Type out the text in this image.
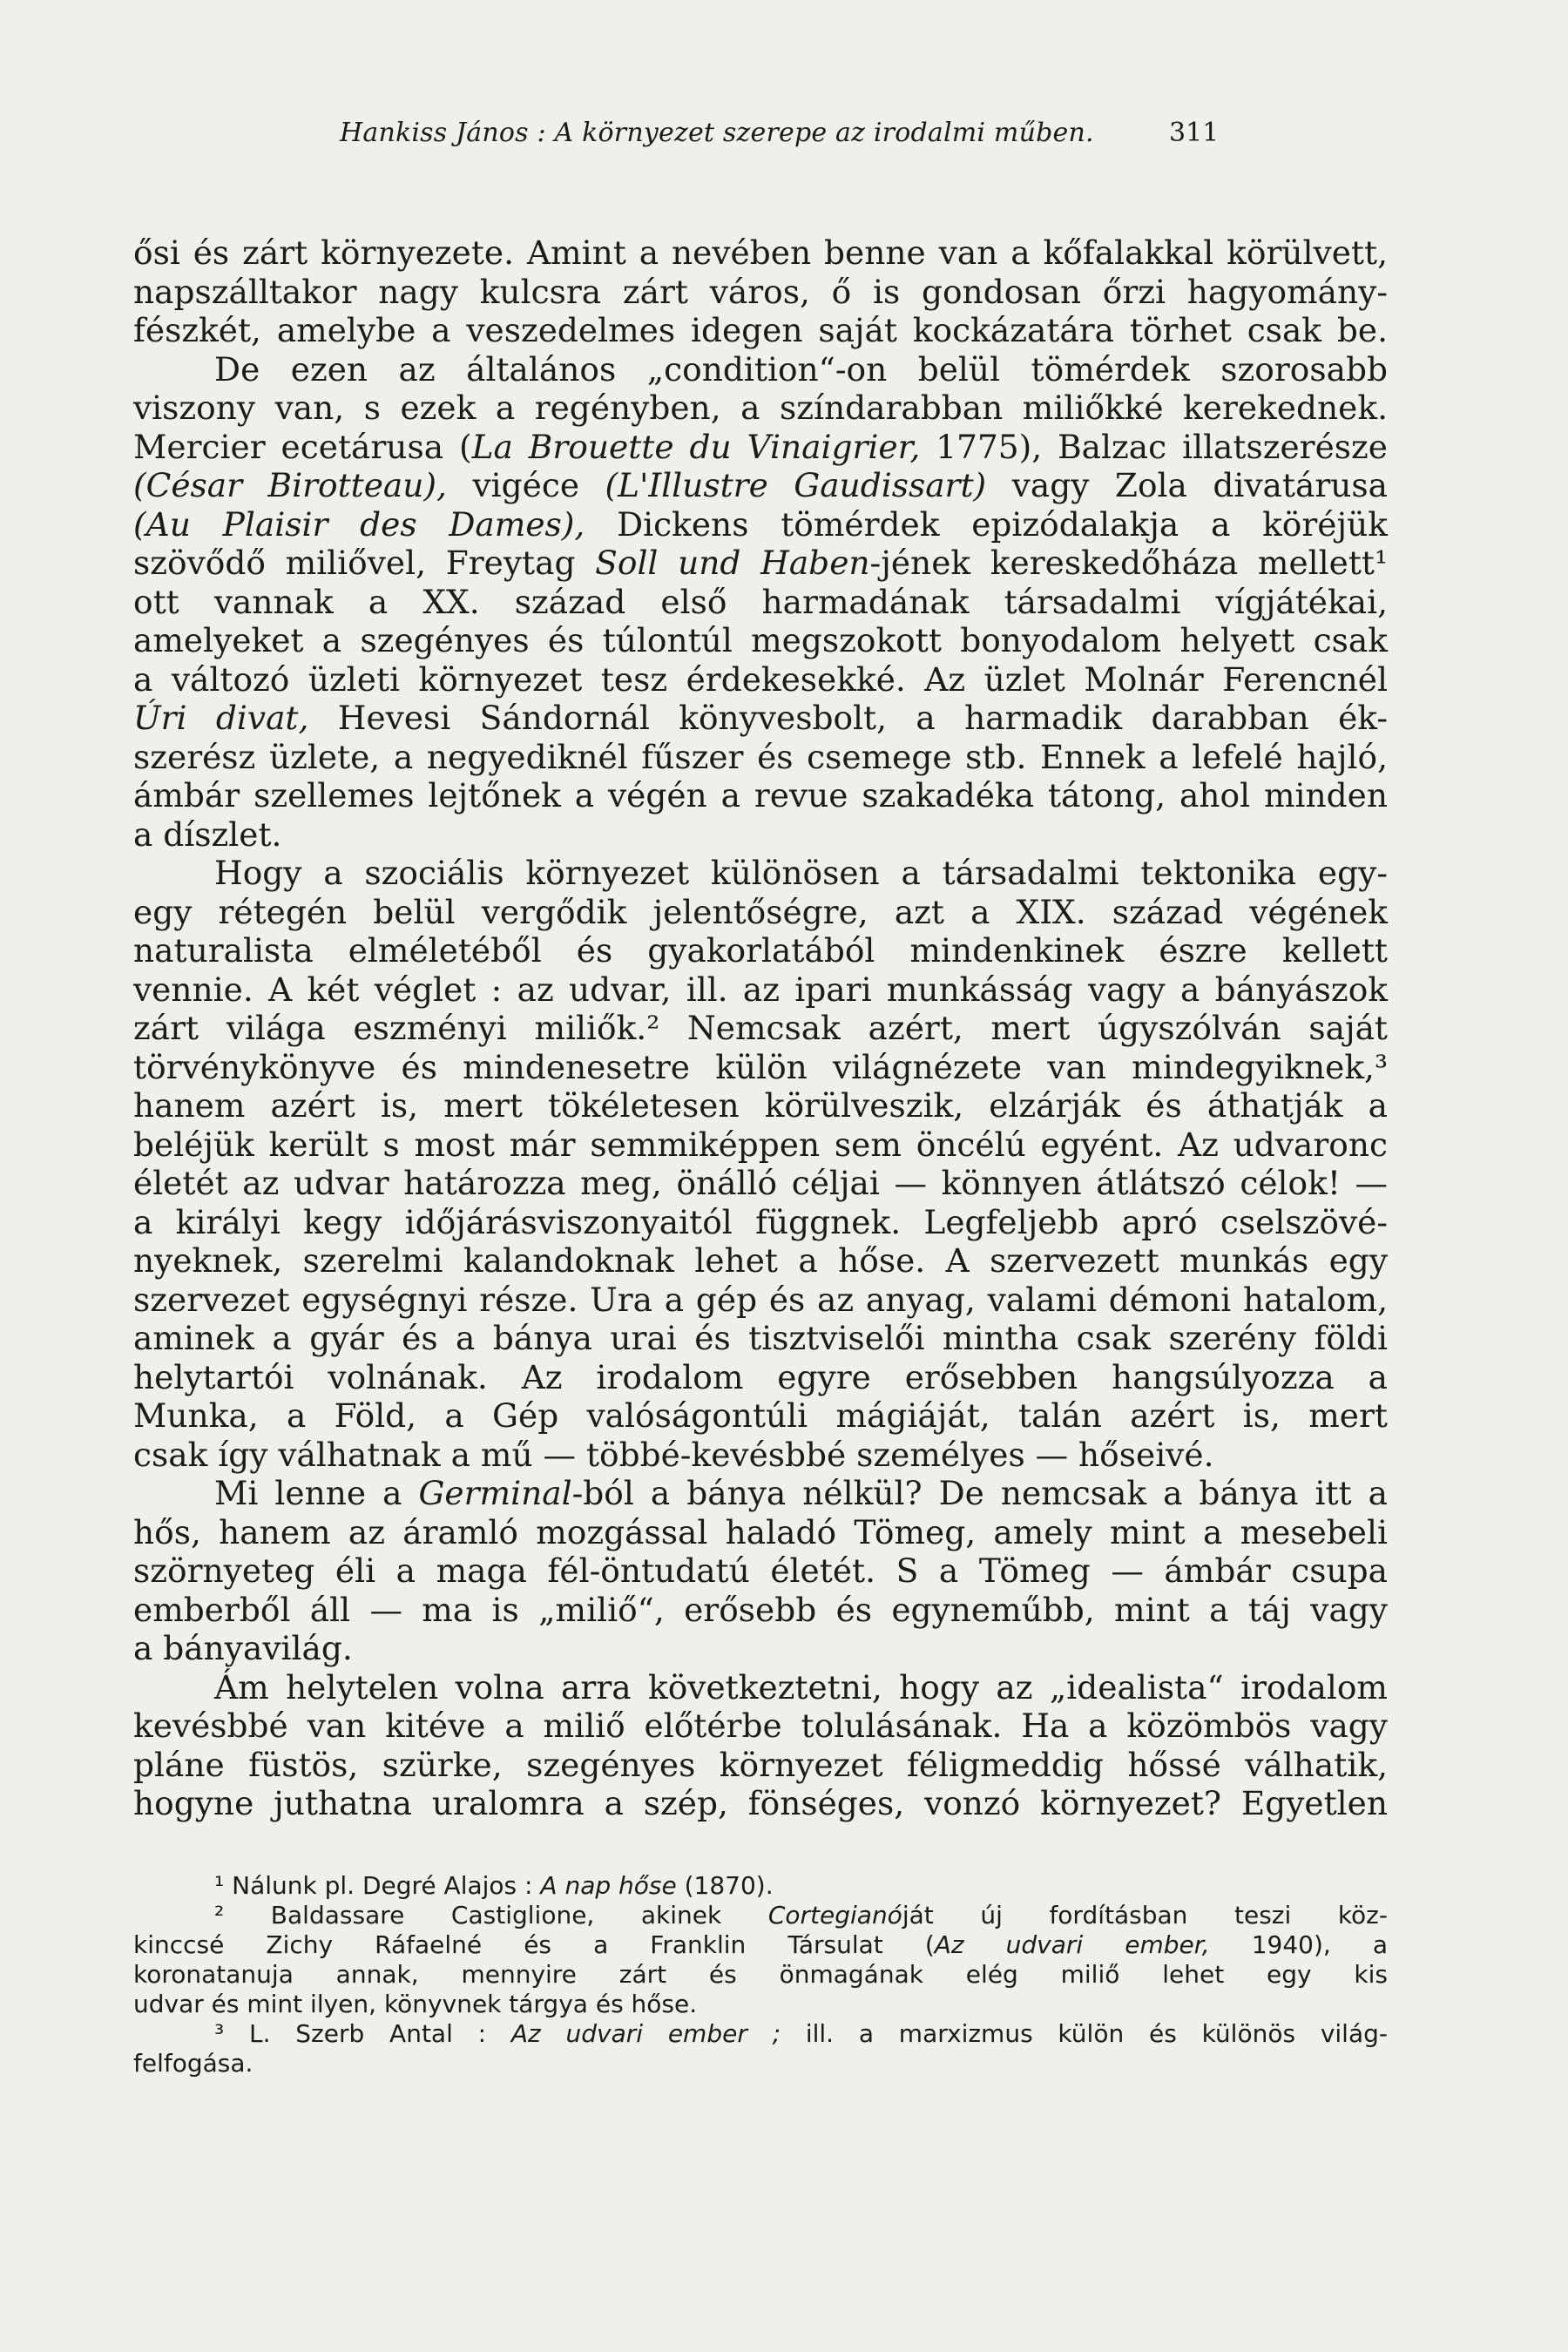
Hankiss János : A környezet szerepe az irodalmi műben.	311
ősi és zárt környezete. Amint a nevében benne van a kőfalakkal körülvett,
napszálltakor nagy kulcsra zárt város, ő is gondosan őrzi hagyomány-
fészkét, amelybe a veszedelmes idegen saját kockázatára törhet csak be.
De ezen az általános „condition“-on belül tömérdek szorosabb
viszony van, s ezek a regényben, a színdarabban miliőkké kerekednek.
Mercier ecetárusa (La Brouette du Vinaigrier, 1775), Balzac illatszerésze
(César Birotteau), vigéce (L'Illustre Gaudissart) vagy Zola divatárusa
(Au Plaisir des Dames), Dickens tömérdek epizódalakja a köréjük
szövődő miliővel, Freytag Soll und Haben-jének kereskedőháza mellett¹
ott vannak a XX. század első harmadának társadalmi vígjátékai,
amelyeket a szegényes és túlontúl megszokott bonyodalom helyett csak
a változó üzleti környezet tesz érdekesekké. Az üzlet Molnár Ferencnél
Úri divat, Hevesi Sándornál könyvesbolt, a harmadik darabban ék-
szerész üzlete, a negyediknél fűszer és csemege stb. Ennek a lefelé hajló,
ámbár szellemes lejtőnek a végén a revue szakadéka tátong, ahol minden
a díszlet.
Hogy a szociális környezet különösen a társadalmi tektonika egy-
egy rétegén belül vergődik jelentőségre, azt a XIX. század végének
naturalista elméletéből és gyakorlatából mindenkinek észre kellett
vennie. A két véglet : az udvar, ill. az ipari munkásság vagy a bányászok
zárt világa eszményi miliők.² Nemcsak azért, mert úgyszólván saját
törvénykönyve és mindenesetre külön világnézete van mindegyiknek,³
hanem azért is, mert tökéletesen körülveszik, elzárják és áthatják a
beléjük került s most már semmiképpen sem öncélú egyént. Az udvaronc
életét az udvar határozza meg, önálló céljai — könnyen átlátszó célok! —
a királyi kegy időjárásviszonyaitól függnek. Legfeljebb apró cselszövé-
nyeknek, szerelmi kalandoknak lehet a hőse. A szervezett munkás egy
szervezet egységnyi része. Ura a gép és az anyag, valami démoni hatalom,
aminek a gyár és a bánya urai és tisztviselői mintha csak szerény földi
helytartói volnának. Az irodalom egyre erősebben hangsúlyozza a
Munka, a Föld, a Gép valóságontúli mágiáját, talán azért is, mert
csak így válhatnak a mű — többé-kevésbbé személyes — hőseivé.
Mi lenne a Germinal-ból a bánya nélkül? De nemcsak a bánya itt a
hős, hanem az áramló mozgással haladó Tömeg, amely mint a mesebeli
szörnyeteg éli a maga fél-öntudatú életét. S a Tömeg — ámbár csupa
emberből áll — ma is „miliő“, erősebb és egyneműbb, mint a táj vagy
a bányavilág.
Ám helytelen volna arra következtetni, hogy az „idealista“ irodalom
kevésbbé van kitéve a miliő előtérbe tolulásának. Ha a közömbös vagy
pláne füstös, szürke, szegényes környezet féligmeddig hőssé válhatik,
hogyne juthatna uralomra a szép, fönséges, vonzó környezet? Egyetlen
¹ Nálunk pl. Degré Alajos : A nap hőse (1870).
² Baldassare Castiglione, akinek Cortegianóját új fordításban teszi köz-
kinccsé Zichy Ráfaelné és a Franklin Társulat (Az udvari ember, 1940), a
koronatanuja annak, mennyire zárt és önmagának elég miliő lehet egy kis
udvar és mint ilyen, könyvnek tárgya és hőse.
³ L. Szerb Antal : Az udvari ember ; ill. a marxizmus külön és különös világ-
felfogása.
